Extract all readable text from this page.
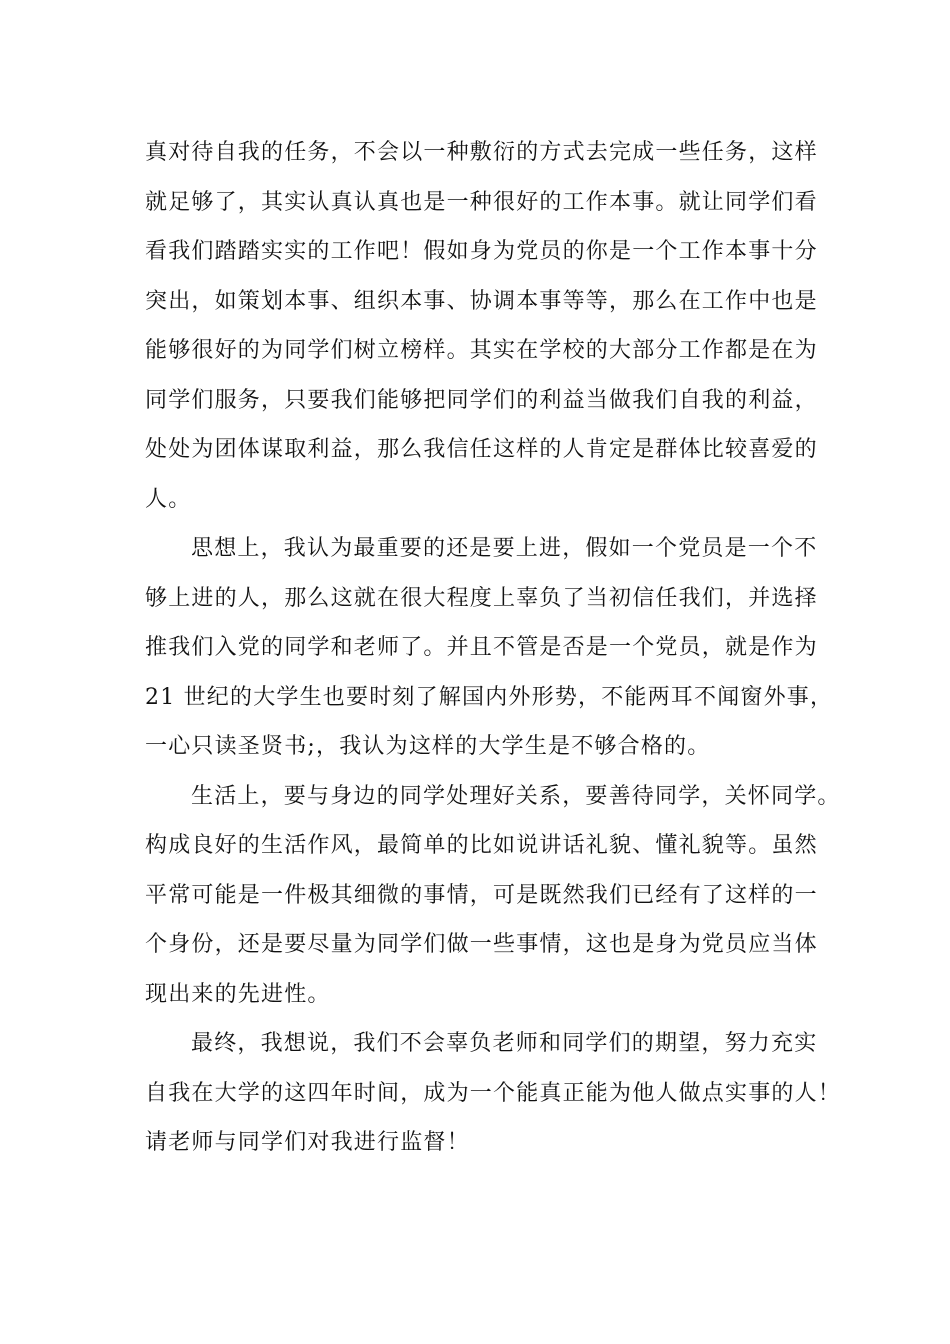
真对待自我的任务，不会以一种敷衍的方式去完成一些任务，这样
就足够了，其实认真认真也是一种很好的工作本事。就让同学们看
看我们踏踏实实的工作吧！假如身为党员的你是一个工作本事十分
突出，如策划本事、组织本事、协调本事等等，那么在工作中也是
能够很好的为同学们树立榜样。其实在学校的大部分工作都是在为
同学们服务，只要我们能够把同学们的利益当做我们自我的利益，
处处为团体谋取利益，那么我信任这样的人肯定是群体比较喜爱的
人。
思想上，我认为最重要的还是要上进，假如一个党员是一个不
够上进的人，那么这就在很大程度上辜负了当初信任我们，并选择
推我们入党的同学和老师了。并且不管是否是一个党员，就是作为
21 世纪的大学生也要时刻了解国内外形势，不能两耳不闻窗外事，
一心只读圣贤书;，我认为这样的大学生是不够合格的。
生活上，要与身边的同学处理好关系，要善待同学，关怀同学。
构成良好的生活作风，最简单的比如说讲话礼貌、懂礼貌等。虽然
平常可能是一件极其细微的事情，可是既然我们已经有了这样的一
个身份，还是要尽量为同学们做一些事情，这也是身为党员应当体
现出来的先进性。
最终，我想说，我们不会辜负老师和同学们的期望，努力充实
自我在大学的这四年时间，成为一个能真正能为他人做点实事的人！
请老师与同学们对我进行监督！
